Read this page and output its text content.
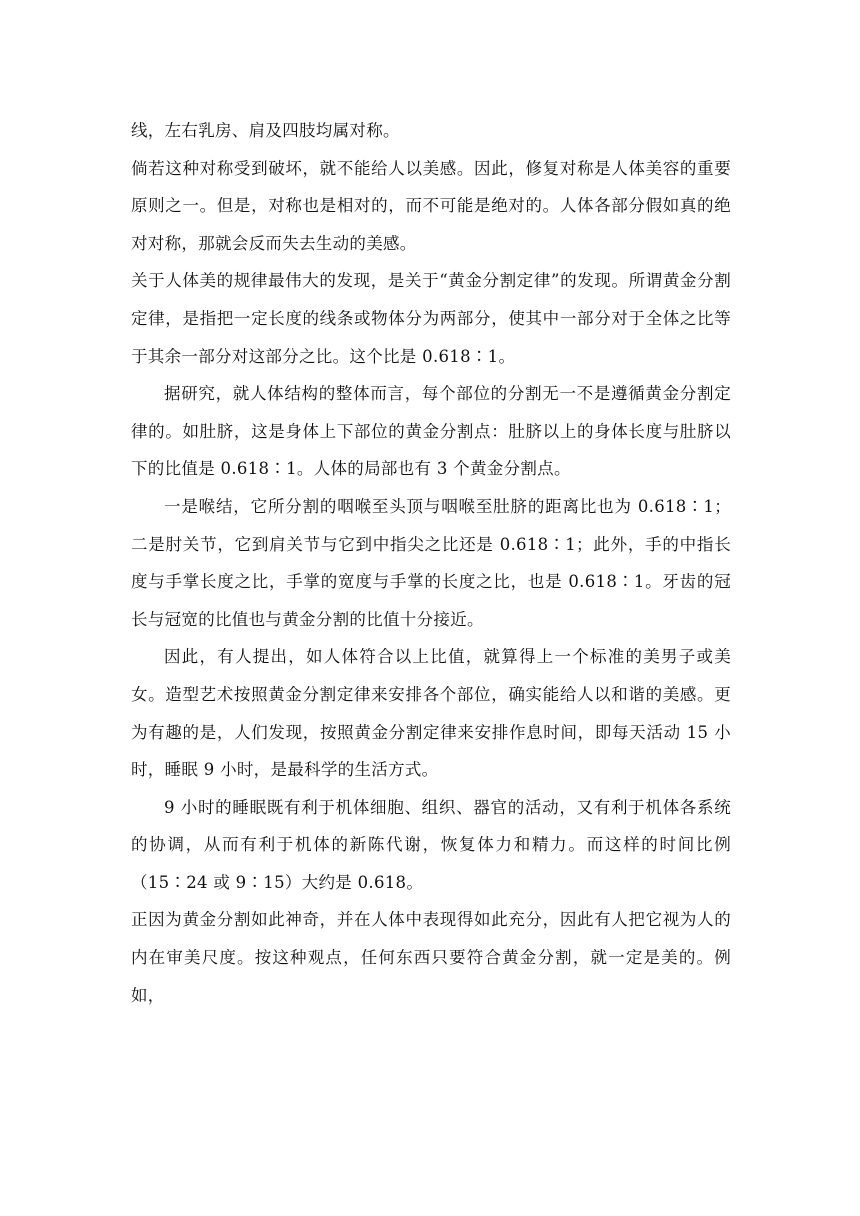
线，左右乳房、肩及四肢均属对称。

倘若这种对称受到破坏，就不能给人以美感。因此，修复对称是人体美容的重要原则之一。但是，对称也是相对的，而不可能是绝对的。人体各部分假如真的绝对对称，那就会反而失去生动的美感。

关于人体美的规律最伟大的发现，是关于“黄金分割定律”的发现。所谓黄金分割定律，是指把一定长度的线条或物体分为两部分，使其中一部分对于全体之比等于其余一部分对这部分之比。这个比是 0.618∶1。

据研究，就人体结构的整体而言，每个部位的分割无一不是遵循黄金分割定律的。如肚脐，这是身体上下部位的黄金分割点：肚脐以上的身体长度与肚脐以下的比值是 0.618∶1。人体的局部也有 3 个黄金分割点。

一是喉结，它所分割的咽喉至头顶与咽喉至肚脐的距离比也为 0.618∶1；二是肘关节，它到肩关节与它到中指尖之比还是 0.618∶1；此外，手的中指长度与手掌长度之比，手掌的宽度与手掌的长度之比，也是 0.618∶1。牙齿的冠长与冠宽的比值也与黄金分割的比值十分接近。

因此，有人提出，如人体符合以上比值，就算得上一个标准的美男子或美女。造型艺术按照黄金分割定律来安排各个部位，确实能给人以和谐的美感。更为有趣的是，人们发现，按照黄金分割定律来安排作息时间，即每天活动 15 小时，睡眠 9 小时，是最科学的生活方式。

9 小时的睡眠既有利于机体细胞、组织、器官的活动，又有利于机体各系统的协调，从而有利于机体的新陈代谢，恢复体力和精力。而这样的时间比例（15∶24 或 9∶15）大约是 0.618。

正因为黄金分割如此神奇，并在人体中表现得如此充分，因此有人把它视为人的内在审美尺度。按这种观点，任何东西只要符合黄金分割，就一定是美的。例如，
